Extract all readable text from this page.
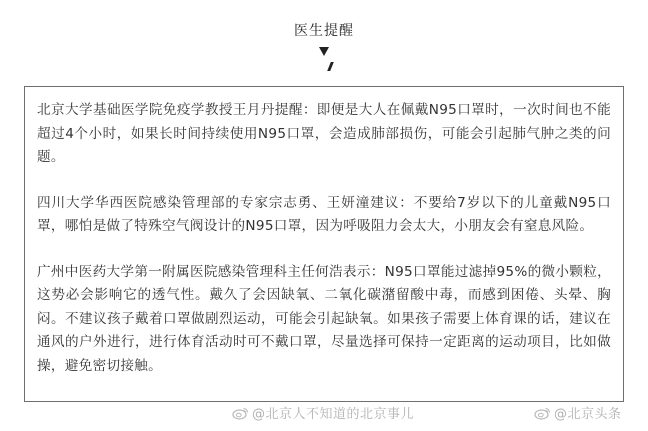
医生提醒

北京大学基础医学院免疫学教授王月丹提醒：即便是大人在佩戴N95口罩时，一次时间也不能超过4个小时，如果长时间持续使用N95口罩，会造成肺部损伤，可能会引起肺气肿之类的问题。

四川大学华西医院感染管理部的专家宗志勇、王妍潼建议：不要给7岁以下的儿童戴N95口罩，哪怕是做了特殊空气阀设计的N95口罩，因为呼吸阻力会太大，小朋友会有窒息风险。

广州中医药大学第一附属医院感染管理科主任何浩表示：N95口罩能过滤掉95%的微小颗粒，这势必会影响它的透气性。戴久了会因缺氧、二氧化碳潴留酸中毒，而感到困倦、头晕、胸闷。不建议孩子戴着口罩做剧烈运动，可能会引起缺氧。如果孩子需要上体育课的话，建议在通风的户外进行，进行体育活动时可不戴口罩，尽量选择可保持一定距离的运动项目，比如做操，避免密切接触。

@北京人不知道的北京事儿	@北京头条
